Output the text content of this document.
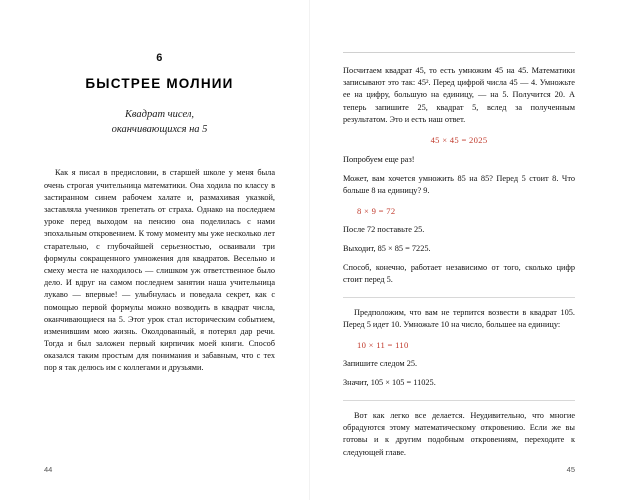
6
БЫСТРЕЕ МОЛНИИ
Квадрат чисел,
оканчивающихся на 5

Как я писал в предисловии, в старшей школе у меня была очень строгая учительница математики. Она ходила по классу в застиранном синем рабочем халате и, размахивая указкой, заставляла учеников трепетать от страха. Однако на последнем уроке перед выходом на пенсию она поделилась с нами эпохальным откровением. К тому моменту мы уже несколько лет старательно, с глубочайшей серьезностью, осваивали три формулы сокращенного умножения для квадратов. Весельно и смеху места не находилось — слишком уж ответственное было дело. И вдруг на самом последнем занятии наша учительница лукаво — впервые! — улыбнулась и поведала секрет, как с помощью первой формулы можно возводить в квадрат числа, оканчивающиеся на 5. Этот урок стал историческим событием, изменившим мою жизнь. Околдованный, я потерял дар речи. Тогда и был заложен первый кирпичик моей книги. Способ оказался таким простым для понимания и забавным, что с тех пор я так делюсь им с коллегами и друзьями.

44

Посчитаем квадрат 45, то есть умножим 45 на 45. Математики записывают это так: 45². Перед цифрой числа 45 — 4. Умножьте ее на цифру, большую на единицу, — на 5. Получится 20. А теперь запишите 25, квадрат 5, вслед за полученным результатом. Это и есть наш ответ.

45 × 45 = 2025

Попробуем еще раз!

Может, вам хочется умножить 85 на 85? Перед 5 стоит 8. Что больше 8 на единицу? 9.

8 × 9 = 72

После 72 поставьте 25.

Выходит, 85 × 85 = 7225.

Способ, конечно, работает независимо от того, сколько цифр стоит перед 5.

Предположим, что вам не терпится возвести в квадрат 105. Перед 5 идет 10. Умножьте 10 на число, большее на единицу:

10 × 11 = 110

Запишите следом 25.

Значит, 105 × 105 = 11025.

Вот как легко все делается. Неудивительно, что многие обрадуются этому математическому откровению. Если же вы готовы и к другим подобным откровениям, переходите к следующей главе.

45
